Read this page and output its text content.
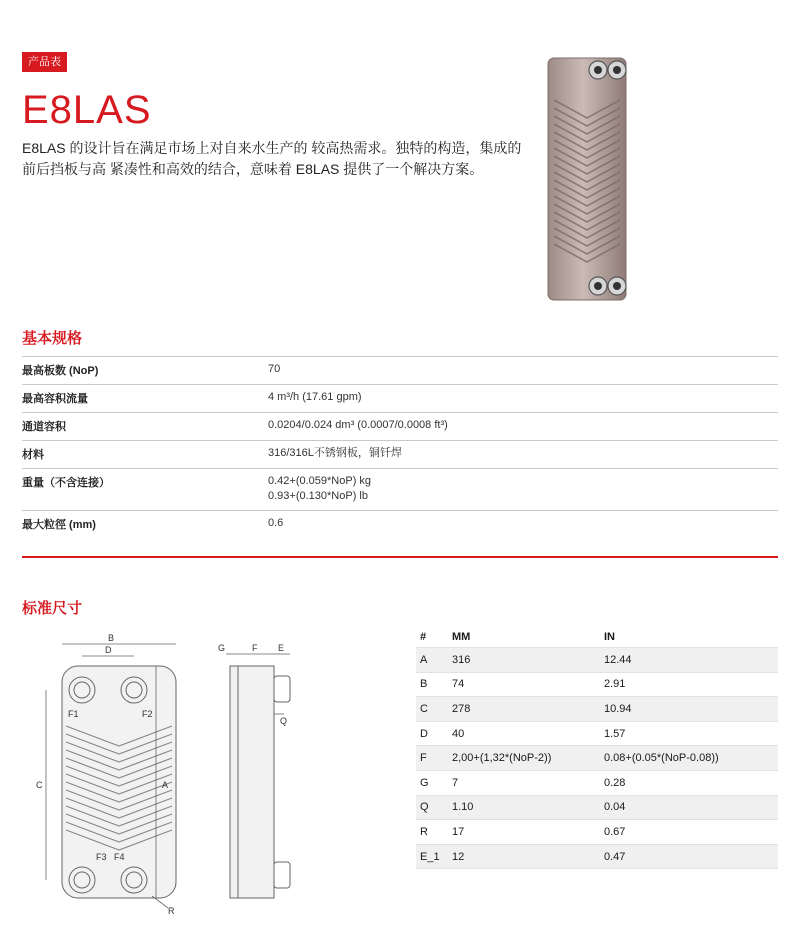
产品表
E8LAS

E8LAS 的设计旨在满足市场上对自来水生产的 较高热需求。独特的构造，集成的前后挡板与高 紧凑性和高效的结合，意味着 E8LAS 提供了一个解决方案。

基本规格
最高板数 (NoP)	70
最高容积流量	4 m³/h (17.61 gpm)
通道容积	0.0204/0.024 dm³ (0.0007/0.0008 ft³)
材料	316/316L不锈钢板，铜钎焊
重量（不含连接）	0.42+(0.059*NoP) kg
0.93+(0.130*NoP) lb
最大粒徑 (mm)	0.6
标准尺寸
F1	F2
F3 F4
B
D
C	A
R
G	F E
Q
#	MM	IN
A	316	12.44
B	74	2.91
C	278	10.94
D	40	1.57
F	2,00+(1,32*(NoP-2))	0.08+(0.05*(NoP-0.08))
G	7	0.28
Q	1.10	0.04
R	17	0.67
E_1	12	0.47
